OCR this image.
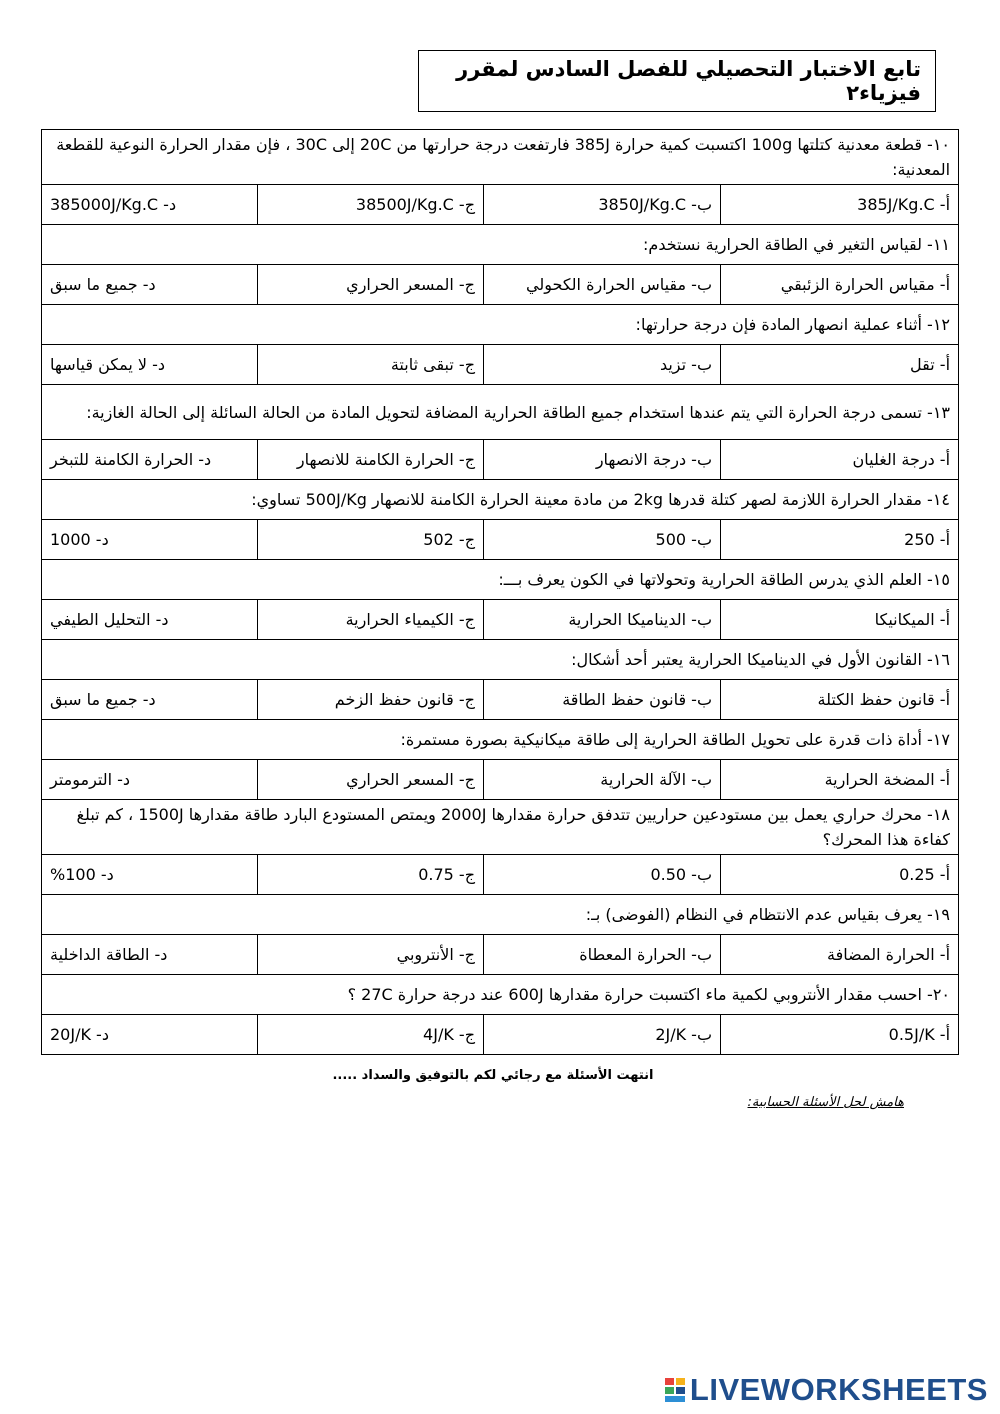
تابع الاختبار التحصيلي للفصل السادس لمقرر فيزياء٢
١٠- قطعة معدنية كتلتها 100g اكتسبت كمية حرارة 385J فارتفعت درجة حرارتها من 20C إلى 30C ، فإن مقدار الحرارة النوعية للقطعة المعدنية:			
أ- 385J/Kg.C	ب- 3850J/Kg.C	ج- 38500J/Kg.C	د- 385000J/Kg.C
١١- لقياس التغير في الطاقة الحرارية نستخدم:			
أ- مقياس الحرارة الزئبقي	ب- مقياس الحرارة الكحولي	ج- المسعر الحراري	د- جميع ما سبق
١٢- أثناء عملية انصهار المادة فإن درجة حرارتها:			
أ- تقل	ب- تزيد	ج- تبقى ثابتة	د- لا يمكن قياسها
١٣- تسمى درجة الحرارة التي يتم عندها استخدام جميع الطاقة الحرارية المضافة لتحويل المادة من الحالة السائلة إلى الحالة الغازية:			
أ- درجة الغليان	ب- درجة الانصهار	ج- الحرارة الكامنة للانصهار	د- الحرارة الكامنة للتبخر
١٤- مقدار الحرارة اللازمة لصهر كتلة قدرها 2kg من مادة معينة الحرارة الكامنة للانصهار 500J/Kg تساوي:			
أ- 250	ب- 500	ج- 502	د- 1000
١٥- العلم الذي يدرس الطاقة الحرارية وتحولاتها في الكون يعرف بـــ:			
أ- الميكانيكا	ب- الديناميكا الحرارية	ج- الكيمياء الحرارية	د- التحليل الطيفي
١٦- القانون الأول في الديناميكا الحرارية يعتبر أحد أشكال:			
أ- قانون حفظ الكتلة	ب- قانون حفظ الطاقة	ج- قانون حفظ الزخم	د- جميع ما سبق
١٧- أداة ذات قدرة على تحويل الطاقة الحرارية إلى طاقة ميكانيكية بصورة مستمرة:			
أ- المضخة الحرارية	ب- الآلة الحرارية	ج- المسعر الحراري	د- الترمومتر
١٨- محرك حراري يعمل بين مستودعين حراريين تتدفق حرارة مقدارها 2000J ويمتص المستودع البارد طاقة مقدارها 1500J ، كم تبلغ كفاءة هذا المحرك؟			
أ- 0.25	ب- 0.50	ج- 0.75	د- 100%
١٩- يعرف بقياس عدم الانتظام في النظام (الفوضى) بـ:			
أ- الحرارة المضافة	ب- الحرارة المعطاة	ج- الأنتروبي	د- الطاقة الداخلية
٢٠- احسب مقدار الأنتروبي لكمية ماء اكتسبت حرارة مقدارها 600J عند درجة حرارة 27C ؟			
أ- 0.5J/K	ب- 2J/K	ج- 4J/K	د- 20J/K
انتهت الأسئلة مع رجائي لكم بالتوفيق والسداد .....
هامش لحل الأسئلة الحسابية:
LIVEWORKSHEETS
